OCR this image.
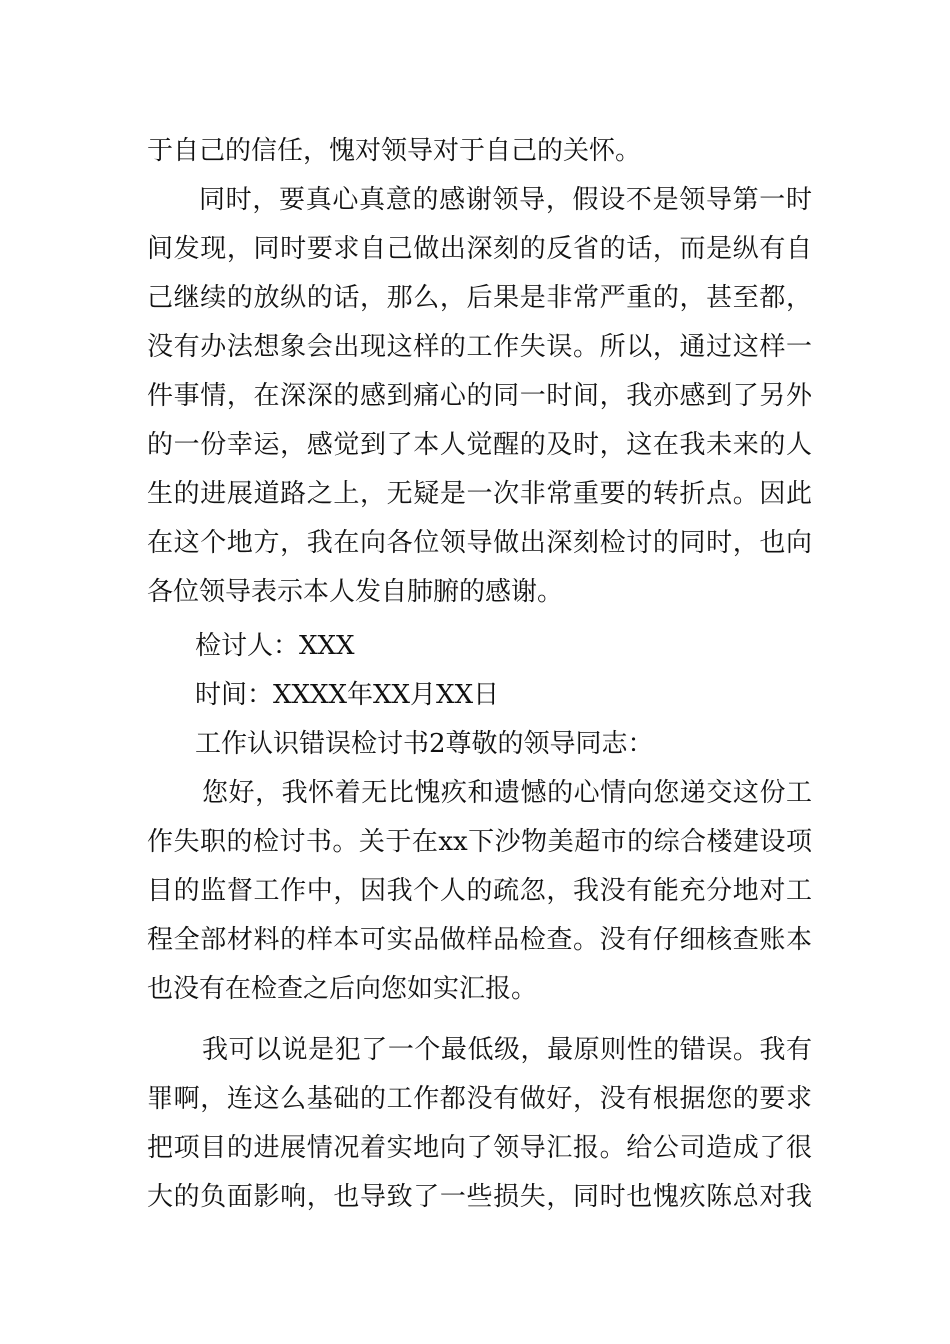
于自己的信任，愧对领导对于自己的关怀。
同时，要真心真意的感谢领导，假设不是领导第一时
间发现，同时要求自己做出深刻的反省的话，而是纵有自
己继续的放纵的话，那么，后果是非常严重的，甚至都，
没有办法想象会出现这样的工作失误。所以，通过这样一
件事情，在深深的感到痛心的同一时间，我亦感到了另外
的一份幸运，感觉到了本人觉醒的及时，这在我未来的人
生的进展道路之上，无疑是一次非常重要的转折点。因此
在这个地方，我在向各位领导做出深刻检讨的同时，也向
各位领导表示本人发自肺腑的感谢。
检讨人：XXX
时间：XXXX年XX月XX日
工作认识错误检讨书2尊敬的领导同志：
您好，我怀着无比愧疚和遗憾的心情向您递交这份工
作失职的检讨书。关于在xx下沙物美超市的综合楼建设项
目的监督工作中，因我个人的疏忽，我没有能充分地对工
程全部材料的样本可实品做样品检查。没有仔细核查账本
也没有在检查之后向您如实汇报。
我可以说是犯了一个最低级，最原则性的错误。我有
罪啊，连这么基础的工作都没有做好，没有根据您的要求
把项目的进展情况着实地向了领导汇报。给公司造成了很
大的负面影响，也导致了一些损失，同时也愧疚陈总对我
